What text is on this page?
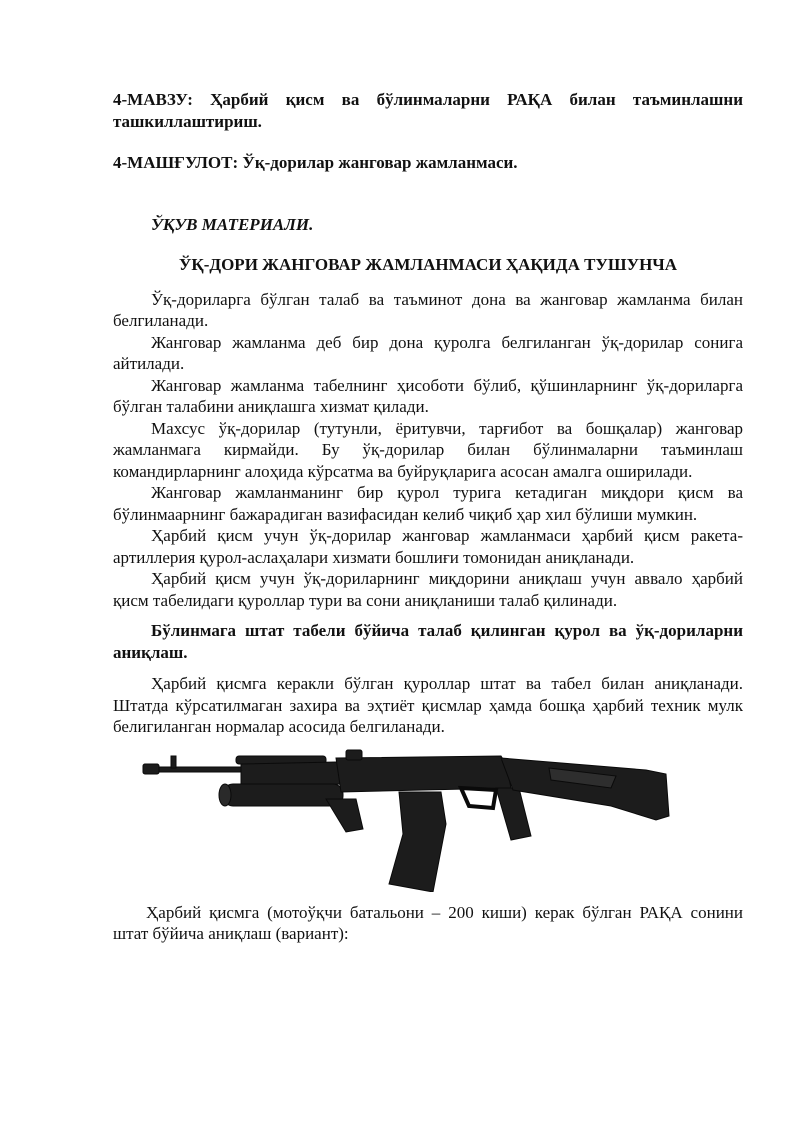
4-МАВЗУ: Ҳарбий қисм ва бўлинмаларни РАҚА билан таъминлашни ташкиллаштириш.

4-МАШҒУЛОТ: Ўқ-дорилар жанговар жамланмаси.

ЎҚУВ МАТЕРИАЛИ.
ЎҚ-ДОРИ ЖАНГОВАР ЖАМЛАНМАСИ ҲАҚИДА ТУШУНЧА

Ўқ-дориларга бўлган талаб ва таъминот дона ва жанговар жамланма билан белгиланади.

Жанговар жамланма деб бир дона қуролга белгиланган ўқ-дорилар сонига айтилади.

Жанговар жамланма табелнинг ҳисоботи бўлиб, қўшинларнинг ўқ-дориларга бўлган талабини аниқлашга хизмат қилади.

Махсус ўқ-дорилар (тутунли, ёритувчи, тарғибот ва бошқалар) жанговар жамланмага кирмайди. Бу ўқ-дорилар билан бўлинмаларни таъминлаш командирларнинг алоҳида кўрсатма ва буйруқларига асосан амалга оширилади.

Жанговар жамланманинг бир қурол турига кетадиган миқдори қисм ва бўлинмаарнинг бажарадиган вазифасидан келиб чиқиб ҳар хил бўлиши мумкин.

Ҳарбий қисм учун ўқ-дорилар жанговар жамланмаси ҳарбий қисм ракета-артиллерия қурол-аслаҳалари хизмати бошлиғи томонидан аниқланади.

Ҳарбий қисм учун ўқ-дориларнинг миқдорини аниқлаш учун аввало ҳарбий қисм табелидаги қуроллар тури ва сони аниқланиши талаб қилинади.

Бўлинмага штат табели бўйича талаб қилинган қурол ва ўқ-дориларни аниқлаш.

Ҳарбий қисмга керакли бўлган қуроллар штат ва табел билан аниқланади. Штатда кўрсатилмаган захира ва эҳтиёт қисмлар ҳамда бошқа ҳарбий техник мулк белигиланган нормалар асосида белгиланади.

Ҳарбий қисмга (мотоўқчи батальони – 200 киши) керак бўлган РАҚА сонини штат бўйича аниқлаш (вариант):
